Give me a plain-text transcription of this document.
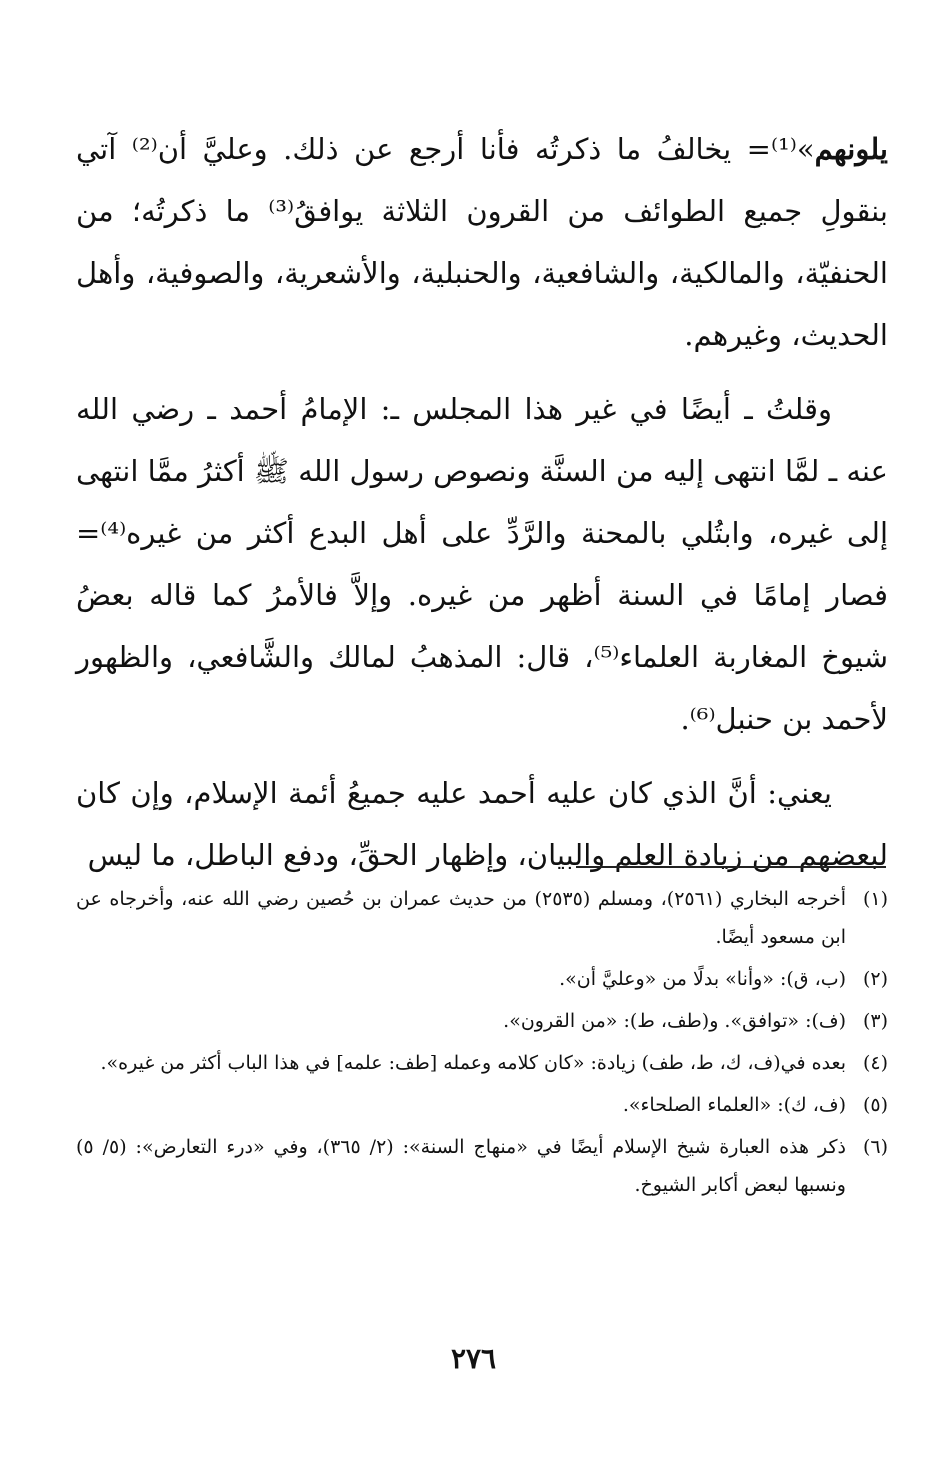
يلونهم»⁽¹⁾= يخالفُ ما ذكرتُه فأنا أرجع عن ذلك. وعليَّ أن⁽²⁾ آتي بنقولِ جميع الطوائف من القرون الثلاثة يوافقُ⁽³⁾ ما ذكرتُه؛ من الحنفيّة، والمالكية، والشافعية، والحنبلية، والأشعرية، والصوفية، وأهل الحديث، وغيرهم.

وقلتُ ـ أيضًا في غير هذا المجلس ـ: الإمامُ أحمد ـ رضي الله عنه ـ لمَّا انتهى إليه من السنَّة ونصوص رسول الله ﷺ أكثرُ ممَّا انتهى إلى غيره، وابتُلي بالمحنة والرَّدِّ على أهل البدع أكثر من غيره⁽⁴⁾= فصار إمامًا في السنة أظهر من غيره. وإلاَّ فالأمرُ كما قاله بعضُ شيوخ المغاربة العلماء⁽⁵⁾، قال: المذهبُ لمالك والشَّافعي، والظهور لأحمد بن حنبل⁽⁶⁾.

يعني: أنَّ الذي كان عليه أحمد عليه جميعُ أئمة الإسلام، وإن كان لبعضهم من زيادة العلم والبيان، وإظهار الحقِّ، ودفع الباطل، ما ليس

(١)
أخرجه البخاري (٢٥٦١)، ومسلم (٢٥٣٥) من حديث عمران بن حُصين رضي الله عنه، وأخرجاه عن ابن مسعود أيضًا.
(٢)
(ب، ق): «وأنا» بدلًا من «وعليَّ أن».
(٣)
(ف): «توافق». و(طف، ط): «من القرون».
(٤)
بعده في(ف، ك، ط، طف) زيادة: «كان كلامه وعمله [طف: علمه] في هذا الباب أكثر من غيره».
(٥)
(ف، ك): «العلماء الصلحاء».
(٦)
ذكر هذه العبارة شيخ الإسلام أيضًا في «منهاج السنة»: (٢/ ٣٦٥)، وفي «درء التعارض»: (٥/ ٥) ونسبها لبعض أكابر الشيوخ.
٢٧٦
